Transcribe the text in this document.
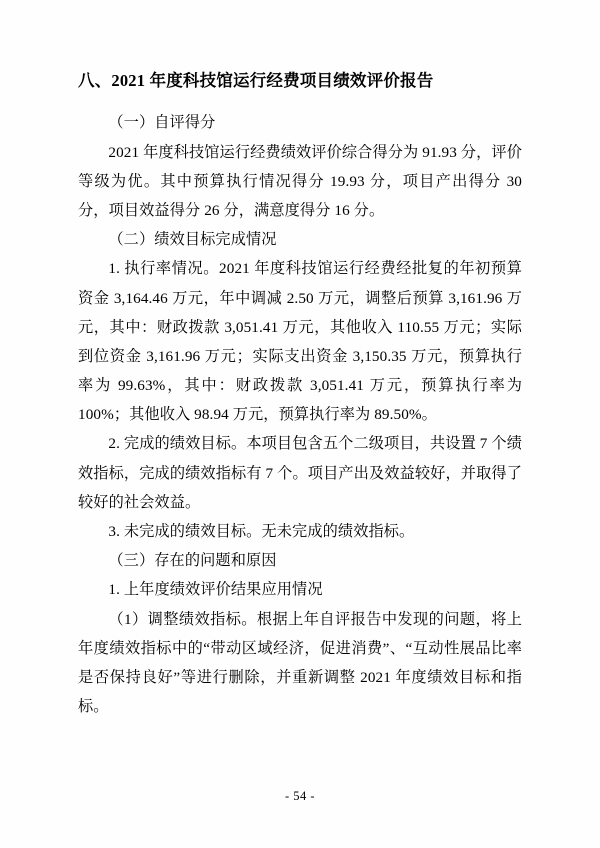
八、2021 年度科技馆运行经费项目绩效评价报告

（一）自评得分

2021 年度科技馆运行经费绩效评价综合得分为 91.93 分，评价等级为优。其中预算执行情况得分 19.93 分，项目产出得分 30 分，项目效益得分 26 分，满意度得分 16 分。

（二）绩效目标完成情况

1. 执行率情况。2021 年度科技馆运行经费经批复的年初预算资金 3,164.46 万元，年中调减 2.50 万元，调整后预算 3,161.96 万元，其中：财政拨款 3,051.41 万元，其他收入 110.55 万元；实际到位资金 3,161.96 万元；实际支出资金 3,150.35 万元，预算执行率为 99.63%，其中：财政拨款 3,051.41 万元，预算执行率为 100%；其他收入 98.94 万元，预算执行率为 89.50%。

2. 完成的绩效目标。本项目包含五个二级项目，共设置 7 个绩效指标，完成的绩效指标有 7 个。项目产出及效益较好，并取得了较好的社会效益。

3. 未完成的绩效目标。无未完成的绩效指标。

（三）存在的问题和原因

1. 上年度绩效评价结果应用情况

（1）调整绩效指标。根据上年自评报告中发现的问题，将上年度绩效指标中的“带动区域经济，促进消费”、“互动性展品比率是否保持良好”等进行删除，并重新调整 2021 年度绩效目标和指标。

- 54 -
